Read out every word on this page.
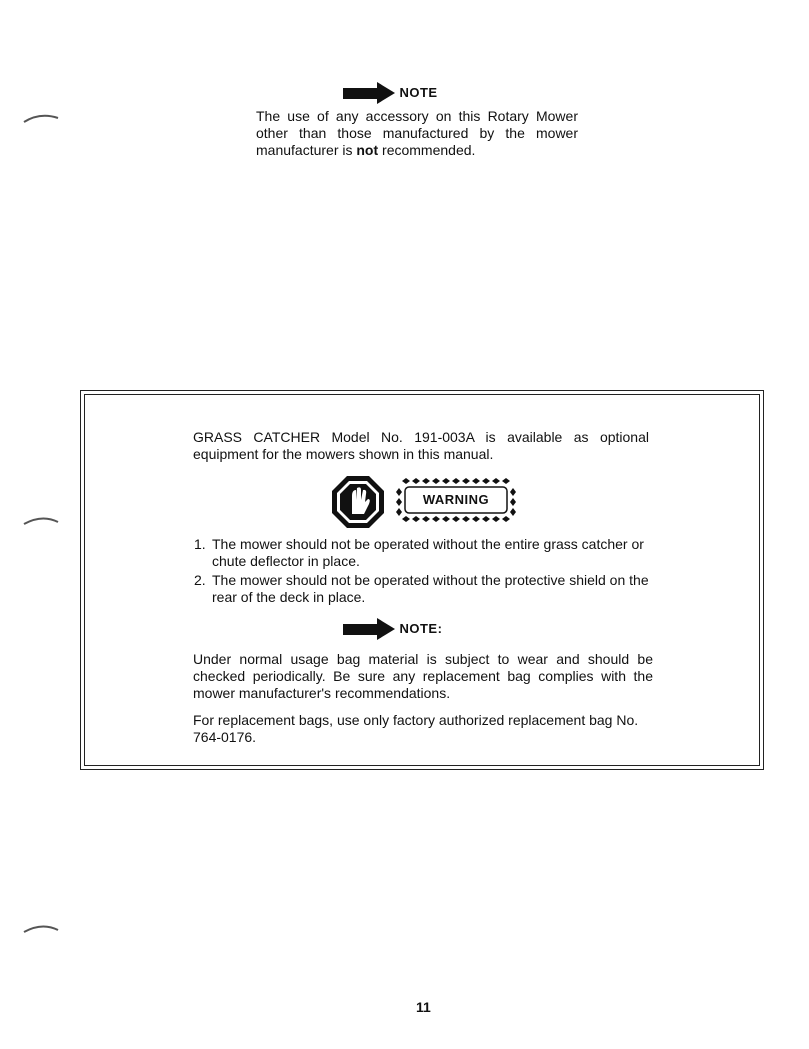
NOTE
The use of any accessory on this Rotary Mower other than those manufactured by the mower manufacturer is not recommended.
GRASS CATCHER Model No. 191-003A is available as optional equipment for the mowers shown in this manual.
WARNING
1. The mower should not be operated without the entire grass catcher or chute deflector in place.
2. The mower should not be operated without the protective shield on the rear of the deck in place.
NOTE:
Under normal usage bag material is subject to wear and should be checked periodically. Be sure any replacement bag complies with the mower manufacturer's recommendations.
For replacement bags, use only factory authorized replacement bag No. 764-0176.
11
